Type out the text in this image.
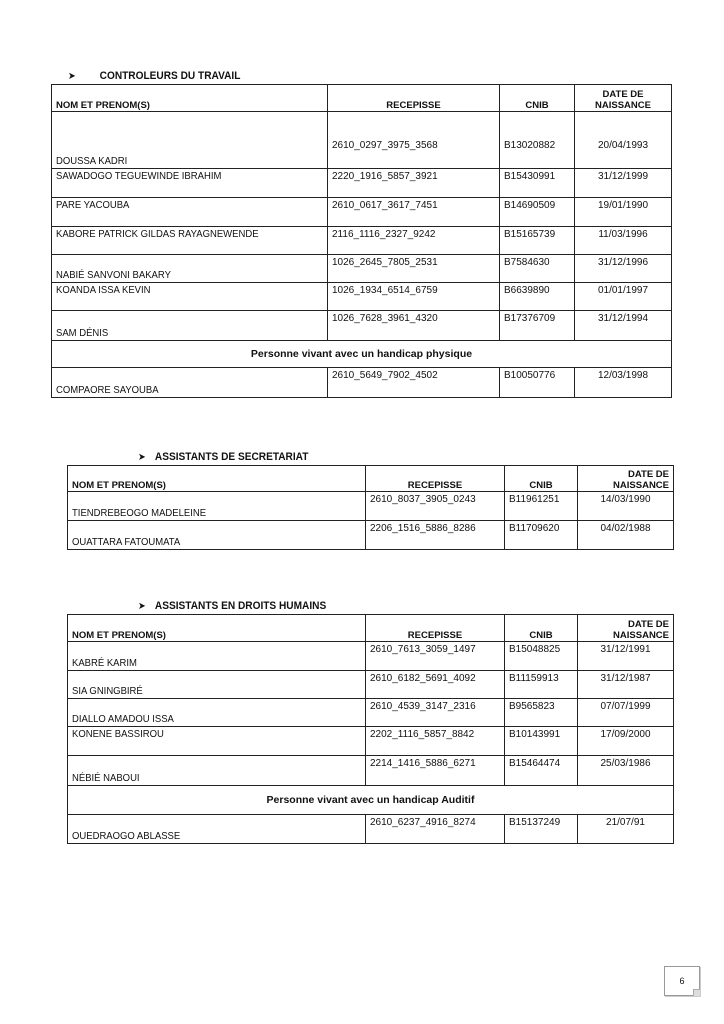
➤ CONTROLEURS DU TRAVAIL
NOM ET PRENOM(S)	RECEPISSE	CNIB	DATE DE
NAISSANCE

DOUSSA KADRI	2610_0297_3975_3568	B13020882	20/04/1993
SAWADOGO TEGUEWINDE IBRAHIM	2220_1916_5857_3921	B15430991	31/12/1999
PARE YACOUBA	2610_0617_3617_7451	B14690509	19/01/1990
KABORE PATRICK GILDAS RAYAGNEWENDE	2116_1116_2327_9242	B15165739	11/03/1996
NABIÉ SANVONI BAKARY	1026_2645_7805_2531	B7584630	31/12/1996
KOANDA ISSA KEVIN	1026_1934_6514_6759	B6639890	01/01/1997
SAM DÉNIS	1026_7628_3961_4320	B17376709	31/12/1994
Personne vivant avec un handicap physique			
COMPAORE SAYOUBA	2610_5649_7902_4502	B10050776	12/03/1998
➤ ASSISTANTS DE SECRETARIAT
NOM ET PRENOM(S)	RECEPISSE	CNIB	DATE DE
NAISSANCE

TIENDREBEOGO MADELEINE	2610_8037_3905_0243	B11961251	14/03/1990
OUATTARA FATOUMATA	2206_1516_5886_8286	B11709620	04/02/1988
➤ ASSISTANTS EN DROITS HUMAINS
NOM ET PRENOM(S)	RECEPISSE	CNIB	DATE DE
NAISSANCE

KABRÉ KARIM	2610_7613_3059_1497	B15048825	31/12/1991
SIA GNINGBIRÉ	2610_6182_5691_4092	B11159913	31/12/1987
DIALLO AMADOU ISSA	2610_4539_3147_2316	B9565823	07/07/1999
KONENE BASSIROU	2202_1116_5857_8842	B10143991	17/09/2000
NÉBIÉ NABOUI	2214_1416_5886_6271	B15464474	25/03/1986
Personne vivant avec un handicap Auditif			
OUEDRAOGO ABLASSE	2610_6237_4916_8274	B15137249	21/07/91
6
